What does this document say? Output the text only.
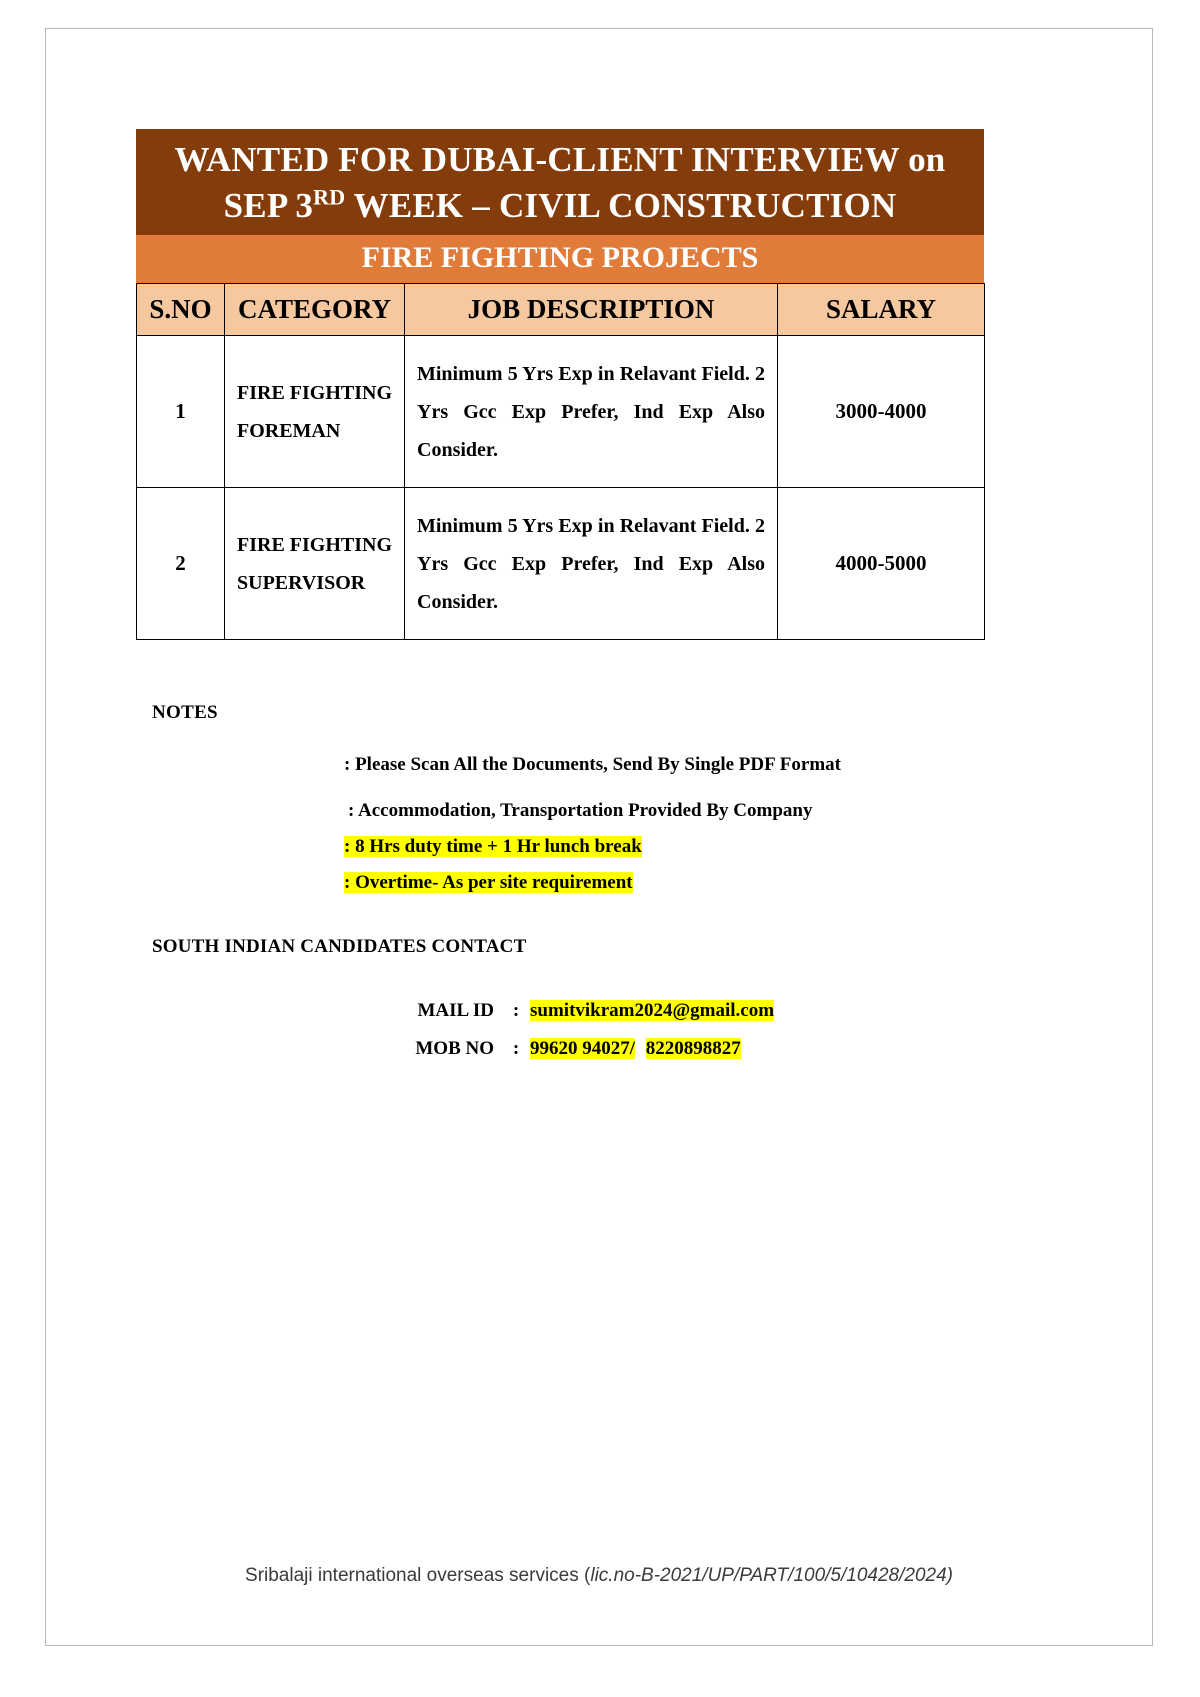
WANTED FOR DUBAI-CLIENT INTERVIEW on
SEP 3RD WEEK – CIVIL CONSTRUCTION
FIRE FIGHTING PROJECTS
S.NO	CATEGORY	JOB DESCRIPTION	SALARY
1	FIRE FIGHTING FOREMAN	Minimum 5 Yrs Exp in Relavant Field. 2 Yrs Gcc Exp Prefer, Ind Exp Also Consider.	3000-4000
2	FIRE FIGHTING SUPERVISOR	Minimum 5 Yrs Exp in Relavant Field. 2 Yrs Gcc Exp Prefer, Ind Exp Also Consider.	4000-5000
NOTES
: Please Scan All the Documents, Send By Single PDF Format
: Accommodation, Transportation Provided By Company
: 8 Hrs duty time + 1 Hr lunch break
: Overtime- As per site requirement
SOUTH INDIAN CANDIDATES CONTACT
MAIL ID : sumitvikram2024@gmail.com
MOB NO : 99620 94027/ 8220898827
Sribalaji international overseas services (lic.no-B-2021/UP/PART/100/5/10428/2024)
